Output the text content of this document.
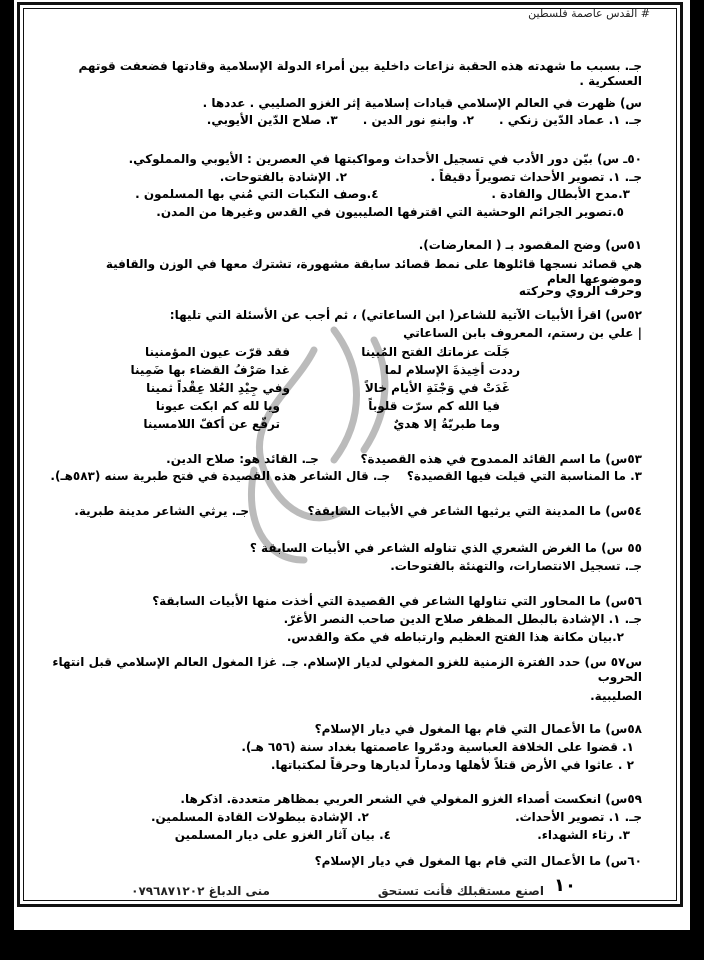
# القدس عاصمة فلسطين
جـ. بسبب ما شهدته هذه الحقبة نزاعات داخلية بين أمراء الدولة الإسلامية وقادتها فضعفت قوتهم العسكرية .
س) ظهرت في العالم الإسلامي قيادات إسلامية إثر الغزو الصليبي . عددها .
جـ. ١. عماد الدّين زنكي .      ٢. وابنهِ نور الدين .      ٣. صلاح الدّين الأيوبي.
٥٠ـ س) بيّن دور الأدب في تسجيل الأحداث ومواكبتها في العصرين : الأيوبي والمملوكي.
جـ. ١. تصوير الأحداث تصويراً دقيقاً .                    ٢. الإشادة بالفتوحات.
٣.مدح الأبطال والقادة .                           ٤.وصف النكبات التي مُني بها المسلمون .
٥.تصوير الجرائم الوحشية التي اقترفها الصليبيون في القدس وغيرها من المدن.
٥١س) وضح المقصود بـ ( المعارضات).
هي قصائد نسجها قائلوها على نمط قصائد سابقة مشهورة، تشترك معها في الوزن والقافية وموضوعها العام
وحرف الروي وحركته
٥٢س) اقرأ الأبيات الآتية للشاعر( ابن الساعاتي) ، ثم أجب عن الأسئلة التي تليها:
| علي بن رستم، المعروف بابن الساعاتي
جَلَت عزماتك الفتح المُبينا
فقد قرّت عيون المؤمنينا
رددت أخِيذةَ الإسلام لما
غدا صَرْفُ القضاء بها ضَمِينا
غَدَتْ في وَجْنَةِ الأيام خالاً
وفي جِيْدِ العُلا عِقْداً ثمينا
فيا الله كم سرّت قلوباً
ويا لله كم ابكت عيونا
وما طبريّةُ إلا هديٌ
ترفّع عن أكفّ اللامسينا
٥٣س) ما اسم القائد الممدوح في هذه القصيدة؟          جـ. القائد هو: صلاح الدين.
٣. ما المناسبة التي قيلت فيها القصيدة؟    جـ. قال الشاعر هذه القصيدة في فتح طبرية سنه (٥٨٣هـ).
٥٤س) ما المدينة التي يرثيها الشاعر في الأبيات السابقة؟              جـ. يرثي الشاعر مدينة طبرية.
٥٥ س) ما الغرض الشعري الذي تناوله الشاعر في الأبيات السابقة ؟
جـ. تسجيل الانتصارات، والتهنئة بالفتوحات.
٥٦س) ما المحاور التي تناولها الشاعر في القصيدة التي أخذت منها الأبيات السابقة؟
جـ. ١. الإشادة بالبطل المظفر صلاح الدين صاحب النصر الأغرّ.
٢.بيان مكانة هذا الفتح العظيم وارتباطه في مكة والقدس.
س٥٧ س) حدد الفترة الزمنية للغزو المغولي لديار الإسلام. جـ. غزا المغول العالم الإسلامي قبل انتهاء الحروب
الصليبية.
٥٨س) ما الأعمال التي قام بها المغول في ديار الإسلام؟
١. قضوا على الخلافة العباسية ودمّروا عاصمتها بغداد سنة (٦٥٦ هـ).
٢ . عاثوا في الأرض قتلاً لأهلها ودماراً لديارها وحرقاً لمكتباتها.
٥٩س) انعكست أصداء الغزو المغولي في الشعر العربي بمظاهر متعددة. اذكرها.
جـ. ١. تصوير الأحداث.                                   ٢. الإشادة ببطولات القادة المسلمين.
٣. رثاء الشهداء.                                   ٤. بيان آثار الغزو على ديار المسلمين
٦٠س) ما الأعمال التي قام بها المغول في ديار الإسلام؟
١٠
اصنع مستقبلك فأنت تستحق
منى الدباغ ٠٧٩٦٨٧١٢٠٢
